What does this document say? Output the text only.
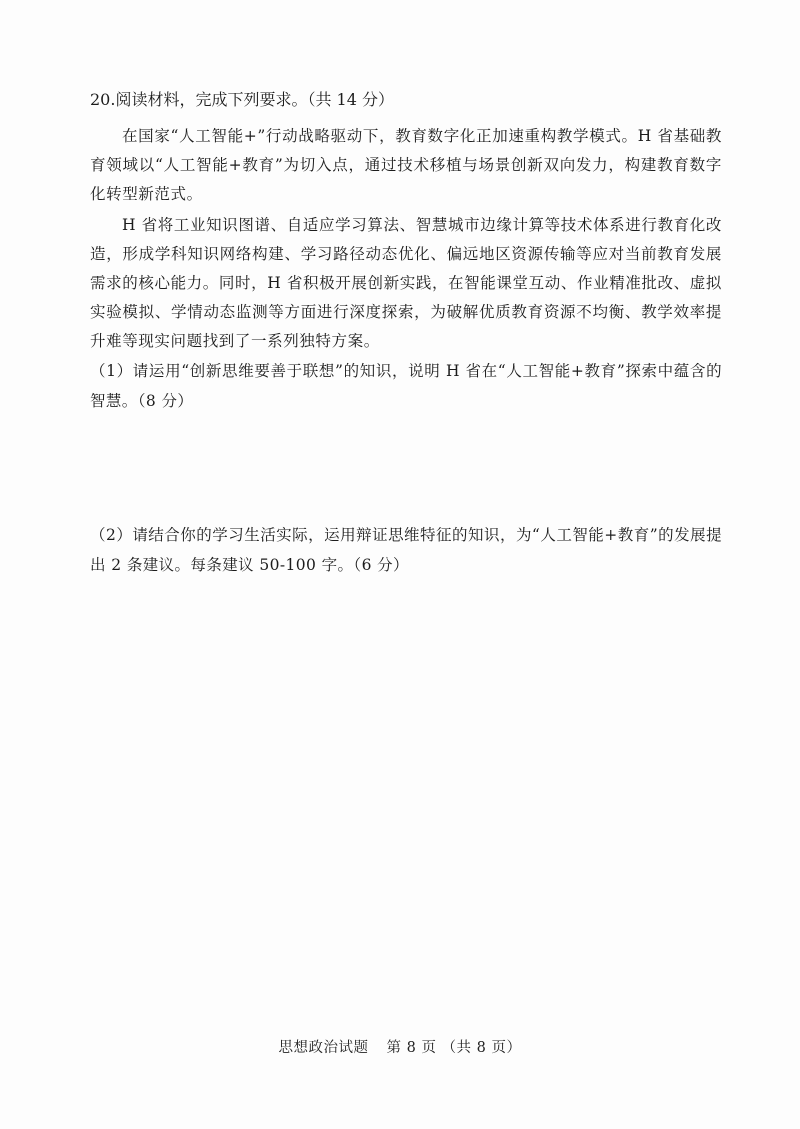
20.阅读材料，完成下列要求。（共 14 分）

在国家“人工智能+”行动战略驱动下，教育数字化正加速重构教学模式。H 省基础教育领域以“人工智能+教育”为切入点，通过技术移植与场景创新双向发力，构建教育数字化转型新范式。

H 省将工业知识图谱、自适应学习算法、智慧城市边缘计算等技术体系进行教育化改造，形成学科知识网络构建、学习路径动态优化、偏远地区资源传输等应对当前教育发展需求的核心能力。同时，H 省积极开展创新实践，在智能课堂互动、作业精准批改、虚拟实验模拟、学情动态监测等方面进行深度探索，为破解优质教育资源不均衡、教学效率提升难等现实问题找到了一系列独特方案。

（1）请运用“创新思维要善于联想”的知识，说明 H 省在“人工智能+教育”探索中蕴含的智慧。（8 分）

（2）请结合你的学习生活实际，运用辩证思维特征的知识，为“人工智能+教育”的发展提出 2 条建议。每条建议 50-100 字。（6 分）

思想政治试题 第 8 页 （共 8 页）
